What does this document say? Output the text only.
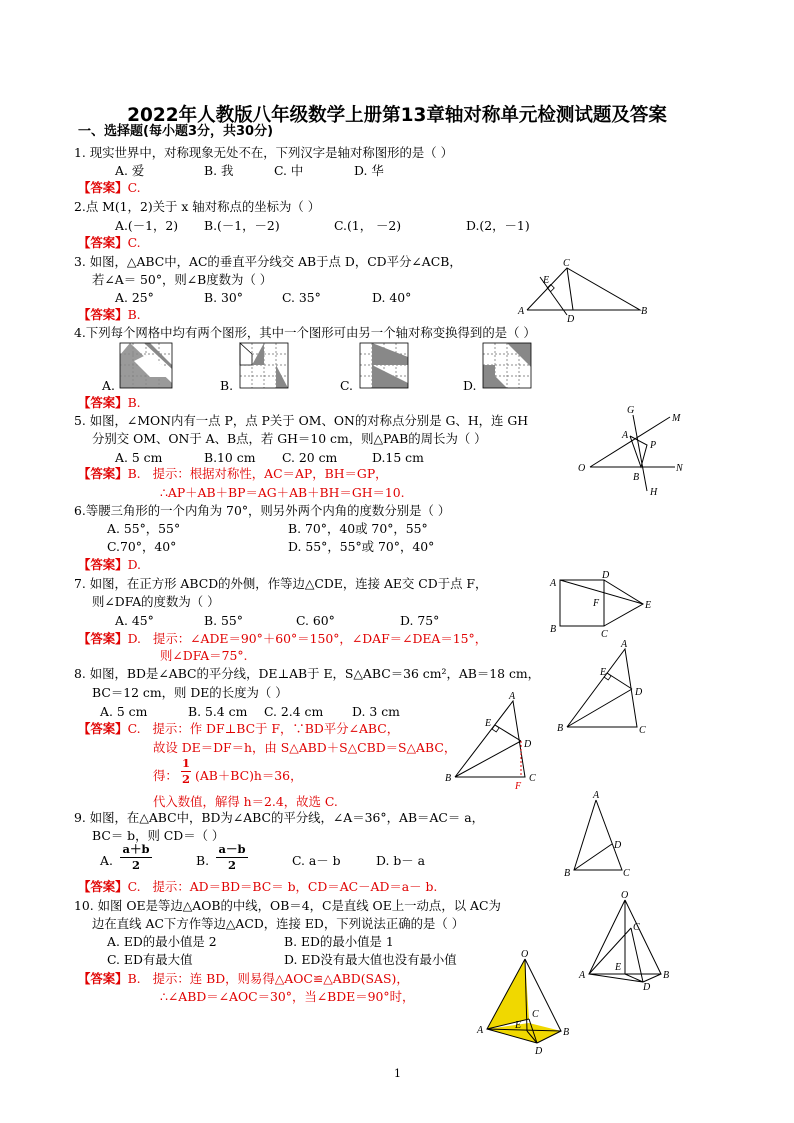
2022年人教版八年级数学上册第13章轴对称单元检测试题及答案
一、选择题(每小题3分，共30分)
1. 现实世界中，对称现象无处不在，下列汉字是轴对称图形的是（ ）
A. 爱	B. 我	C. 中	D. 华
【答案】C.
2.点 M(1，2)关于 x 轴对称点的坐标为（ ）
A.(－1，2) B.(－1，－2)	C.(1， －2)	D.(2，－1)
【答案】C.
3. 如图，△ABC中，AC的垂直平分线交 AB于点 D，CD平分∠ACB，
若∠A＝ 50°，则∠B度数为（ ）
A. 25°	B. 30°	C. 35°	D. 40°
【答案】B.
C
E
A
D
B
4.下列每个网格中均有两个图形，其中一个图形可由另一个轴对称变换得到的是（ ）
A.	B.	C.	D.
【答案】B.
5. 如图，∠MON内有一点 P，点 P关于 OM、ON的对称点分别是 G、H，连 GH
分别交 OM、ON于 A、B点，若 GH＝10 cm，则△PAB的周长为（ ）
A. 5 cm	B.10 cm C. 20 cm	D.15 cm
【答案】B. 提示：根据对称性，AC＝AP，BH＝GP，
∴AP＋AB＋BP＝AG＋AB＋BH＝GH＝10.
G
M
A
P
O
B
N
H
6.等腰三角形的一个内角为 70°，则另外两个内角的度数分别是（ ）
A. 55°，55°	B. 70°，40或 70°，55°
C.70°，40°	D. 55°，55°或 70°，40°
【答案】D.
7. 如图，在正方形 ABCD的外侧，作等边△CDE，连接 AE交 CD于点 F，
则∠DFA的度数为（ ）
A. 45°	B. 55°	C. 60°	D. 75°
【答案】D. 提示：∠ADE＝90°＋60°＝150°，∠DAF＝∠DEA＝15°，
则∠DFA＝75°.
A
D
F	E
B	C
8. 如图，BD是∠ABC的平分线，DE⊥AB于 E，S△ABC＝36 cm²，AB＝18 cm，
BC＝12 cm，则 DE的长度为（ ）
A. 5 cm	B. 5.4 cm C. 2.4 cm D. 3 cm
【答案】C. 提示：作 DF⊥BC于 F，∵BD平分∠ABC，
故设 DE＝DF＝h，由 S△ABD＋S△CBD＝S△ABC，
得：
1
2 (AB＋BC)h＝36，
代入数值，解得 h＝2.4，故选 C.
A
E
D
B	C
A
E
D
B
F
C
9. 如图，在△ABC中，BD为∠ABC的平分线，∠A＝36°，AB＝AC＝ a，
BC＝ b，则 CD＝（ ）
A.
a＋b
2	B.
a－b
2	C. a－ b	D. b－ a
【答案】C. 提示：AD＝BD＝BC＝ b，CD＝AC－AD＝a－ b.
A
D
B	C
10. 如图 OE是等边△AOB的中线，OB＝4，C是直线 OE上一动点，以 AC为
边在直线 AC下方作等边△ACD，连接 ED，下列说法正确的是（ ）
A. ED的最小值是 2	B. ED的最小值是 1
C. ED有最大值	D. ED没有最大值也没有最小值
【答案】B. 提示：连 BD，则易得△AOC≌△ABD(SAS)，
∴∠ABD＝∠AOC＝30°，当∠BDE＝90°时，
O
E
C
A	B
D
O
C
E
A	B
D
1
